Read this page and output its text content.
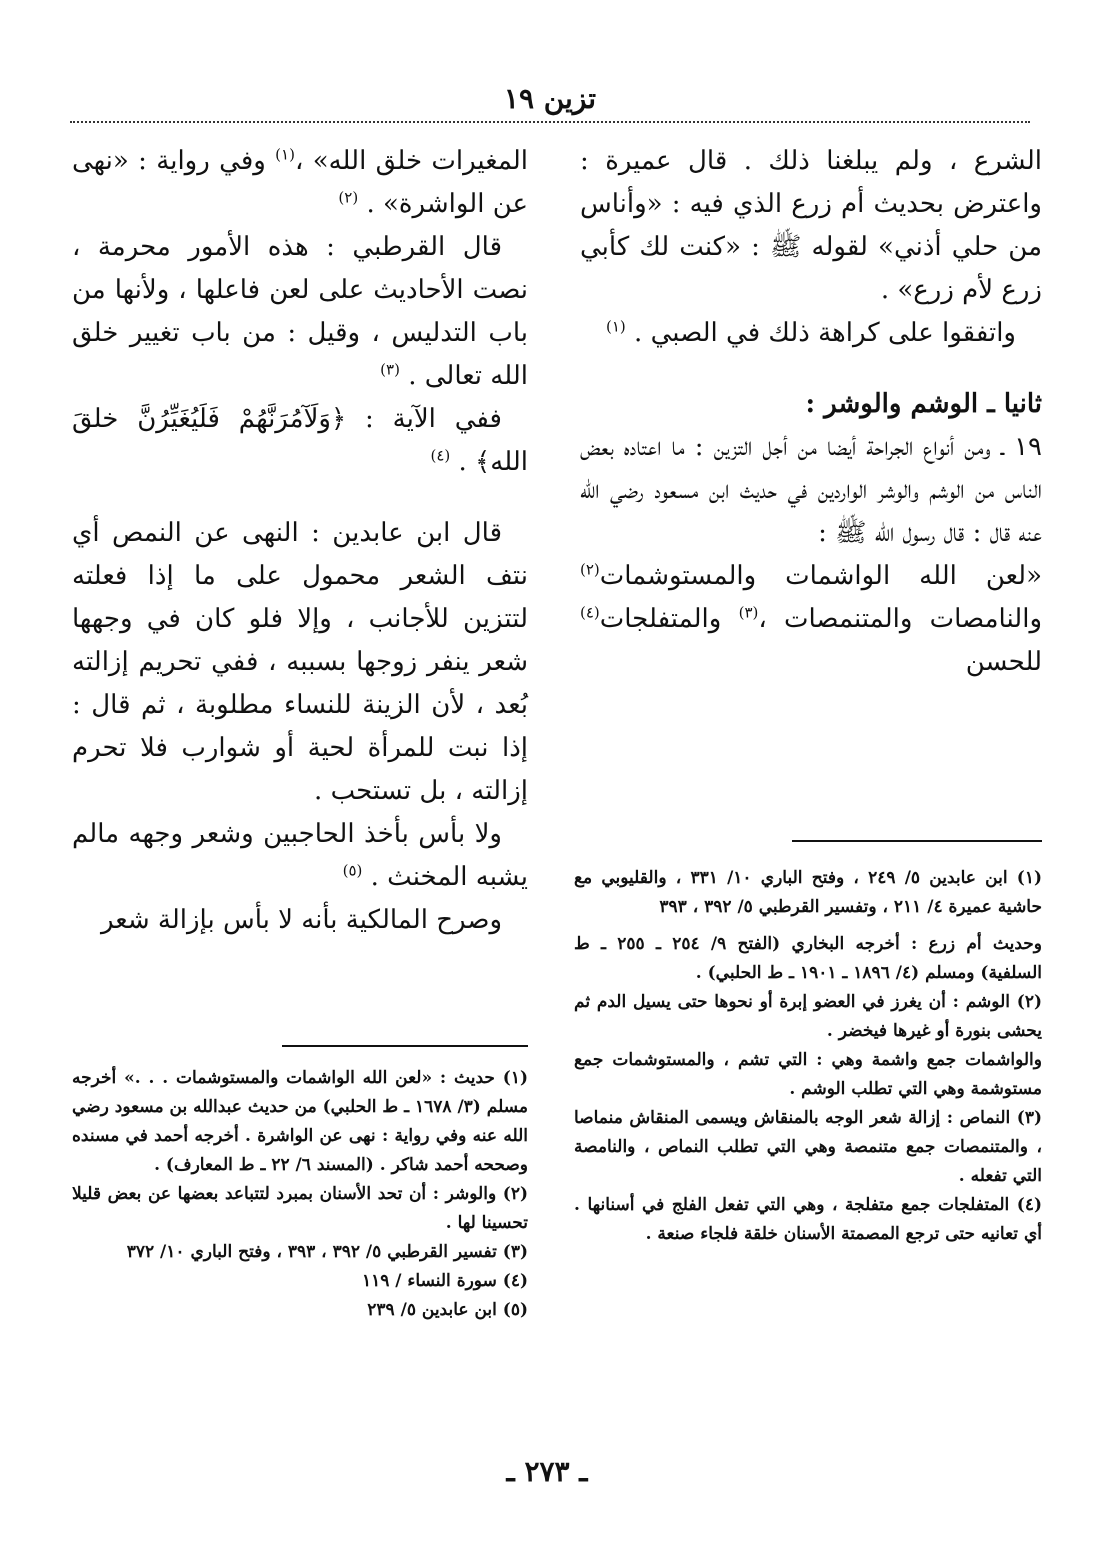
تزين ١٩

الشرع ، ولم يبلغنا ذلك . قال عميرة : واعترض بحديث أم زرع الذي فيه : «وأناس من حلي أذني» لقوله ﷺ : «كنت لك كأبي زرع لأم زرع» .

واتفقوا على كراهة ذلك في الصبي . $^{(١)}$

ثانيا ـ الوشم والوشر :

١٩ ـ ومن أنواع الجراحة أيضا من أجل التزين : ما اعتاده بعض الناس من الوشم والوشر الواردين في حديث ابن مسعود رضي الله عنه قال : قال رسول الله ﷺ :

«لعن الله الواشمات والمستوشمات$^{(٢)}$ والنامصات والمتنمصات ،$^{(٣)}$ والمتفلجات$^{(٤)}$ للحسن

المغيرات خلق الله» ،$^{(١)}$ وفي رواية : «نهى عن الواشرة» . $^{(٢)}$

قال القرطبي : هذه الأمور محرمة ، نصت الأحاديث على لعن فاعلها ، ولأنها من باب التدليس ، وقيل : من باب تغيير خلق الله تعالى . $^{(٣)}$

ففي الآية : ﴿وَلَآمُرَنَّهُمْ فَلَيُغَيِّرُنَّ خلقَ الله﴾ . $^{(٤)}$

قال ابن عابدين : النهى عن النمص أي نتف الشعر محمول على ما إذا فعلته لتتزين للأجانب ، وإلا فلو كان في وجهها شعر ينفر زوجها بسببه ، ففي تحريم إزالته بُعد ، لأن الزينة للنساء مطلوبة ، ثم قال : إذا نبت للمرأة لحية أو شوارب فلا تحرم إزالته ، بل تستحب .

ولا بأس بأخذ الحاجبين وشعر وجهه مالم يشبه المخنث . $^{(٥)}$

وصرح المالكية بأنه لا بأس بإزالة شعر

(١) ابن عابدين ٥/ ٢٤٩ ، وفتح الباري ١٠/ ٣٣١ ، والقليوبي مع حاشية عميرة ٤/ ٢١١ ، وتفسير القرطبي ٥/ ٣٩٢ ، ٣٩٣

وحديث أم زرع : أخرجه البخاري (الفتح ٩/ ٢٥٤ ـ ٢٥٥ ـ ط السلفية) ومسلم (٤/ ١٨٩٦ ـ ١٩٠١ ـ ط الحلبي) .

(٢) الوشم : أن يغرز في العضو إبرة أو نحوها حتى يسيل الدم ثم يحشى بنورة أو غيرها فيخضر .

والواشمات جمع واشمة وهي : التي تشم ، والمستوشمات جمع مستوشمة وهي التي تطلب الوشم .

(٣) النماص : إزالة شعر الوجه بالمنقاش ويسمى المنقاش منماصا ، والمتنمصات جمع متنمصة وهي التي تطلب النماص ، والنامصة التي تفعله .

(٤) المتفلجات جمع متفلجة ، وهي التي تفعل الفلج في أسنانها . أي تعانيه حتى ترجع المصمتة الأسنان خلقة فلجاء صنعة .

(١) حديث : «لعن الله الواشمات والمستوشمات . . .» أخرجه مسلم (٣/ ١٦٧٨ ـ ط الحلبي) من حديث عبدالله بن مسعود رضي الله عنه وفي رواية : نهى عن الواشرة . أخرجه أحمد في مسنده وصححه أحمد شاكر . (المسند ٦/ ٢٢ ـ ط المعارف) .

(٢) والوشر : أن تحد الأسنان بمبرد لتتباعد بعضها عن بعض قليلا تحسينا لها .

(٣) تفسير القرطبي ٥/ ٣٩٢ ، ٣٩٣ ، وفتح الباري ١٠/ ٣٧٢

(٤) سورة النساء / ١١٩

(٥) ابن عابدين ٥/ ٢٣٩

ـ ٢٧٣ ـ
